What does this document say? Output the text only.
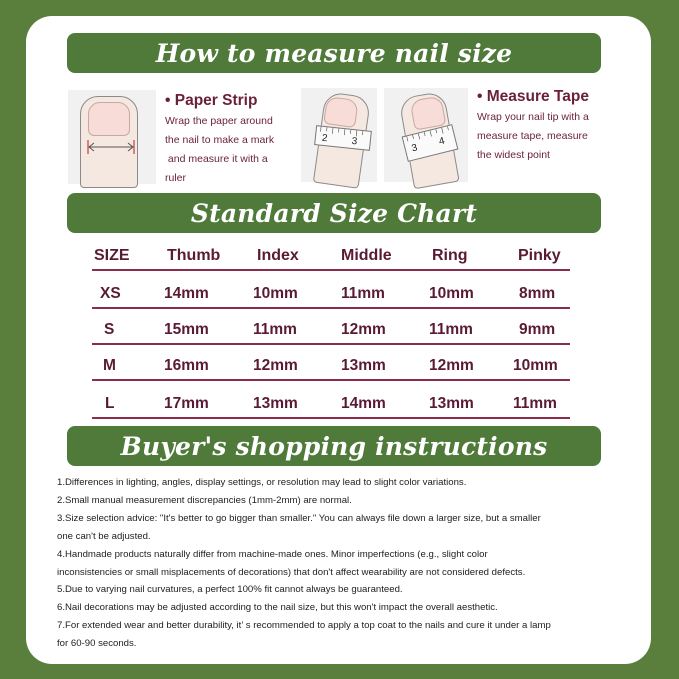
How to measure nail size
• Paper Strip
Wrap the paper around
the nail to make a mark
and measure it with a
ruler
2 3
3
4
• Measure Tape
Wrap your nail tip with a
measure tape, measure
the widest point
Standard Size Chart
SIZE Thumb Index	Middle	Ring	Pinky
XS	14mm	10mm	11mm	10mm	8mm
S	15mm	11mm	12mm	11mm	9mm
M	16mm	12mm	13mm	12mm	10mm
L	17mm	13mm	14mm	13mm	11mm
Buyer's shopping instructions
1.Differences in lighting, angles, display settings, or resolution may lead to slight color variations.
2.Small manual measurement discrepancies (1mm-2mm) are normal.
3.Size selection advice: "It's better to go bigger than smaller." You can always file down a larger size, but a smaller
one can't be adjusted.
4.Handmade products naturally differ from machine-made ones. Minor imperfections (e.g., slight color
inconsistencies or small misplacements of decorations) that don't affect wearability are not considered defects.
5.Due to varying nail curvatures, a perfect 100% fit cannot always be guaranteed.
6.Nail decorations may be adjusted according to the nail size, but this won't impact the overall aesthetic.
7.For extended wear and better durability, it’ s recommended to apply a top coat to the nails and cure it under a lamp
for 60-90 seconds.
